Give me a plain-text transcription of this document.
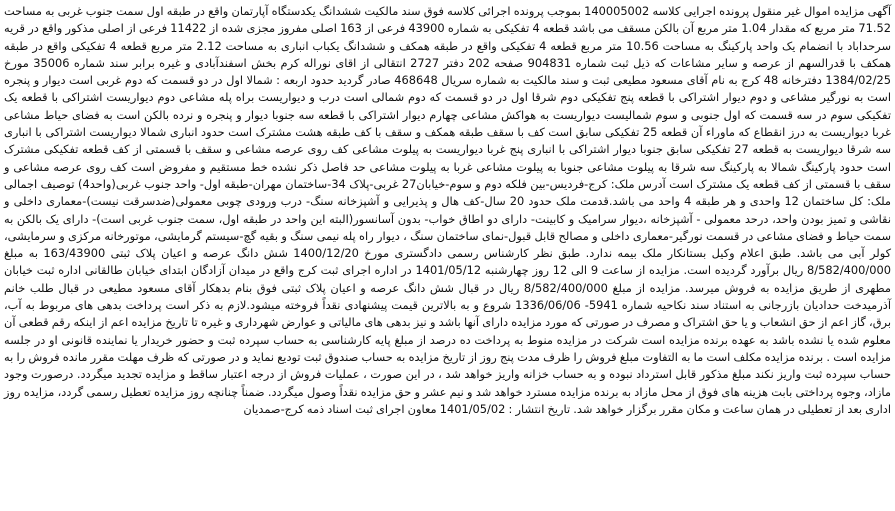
آگهی مزایده اموال غیر منقول پرونده اجرایی کلاسه 140005002 بموجب پرونده اجرائی کلاسه فوق سند مالکیت ششدانگ یکدستگاه آپارتمان واقع در طبقه اول سمت جنوب غربی به مساحت 71.52 متر مربع که مقدار 1.04 متر مربع آن بالکن مسقف می باشد قطعه 4 تفکیکی به شماره 43900 فرعی از 163 اصلی مفروز مجزی شده از 11422 فرعی از اصلی مذکور واقع در قریه سرحداباد با انضمام یک واحد پارکینگ به مساحت 10.56 متر مربع قطعه 4 تفکیکی واقع در طبقه همکف و ششدانگ یکباب انباری به مساحت 2.12 متر مربع قطعه 4 تفکیکی واقع در طبقه همکف با قدرالسهم از عرصه و سایر مشاعات که ذیل ثبت شماره 904831 صفحه 202 دفتر 2727 انتقالی از اقای نوراله کرم بخش اسفندآبادی و غیره برابر سند شماره 35006 مورخ 1384/02/25 دفترخانه 48 کرج به نام آقای مسعود مطیعی ثبت و سند مالکیت به شماره سریال 468648 صادر گردید حدود اربعه : شمالا اول در دو قسمت که دوم غربی است دیوار و پنجره است به نورگیر مشاعی و دوم دیوار اشتراکی با قطعه پنج تفکیکی دوم شرقا اول در دو قسمت که دوم شمالی است درب و دیواریست براه پله مشاعی دوم دیواریست اشتراکی با قطعه یک تفکیکی سوم در سه قسمت که اول جنوبی و سوم شمالیست دیواریست به هواکش مشاعی چهارم دیوار اشتراکی با قطعه سه جنوبا دیوار و پنجره و نرده بالکن است به فضای حیاط مشاعی غربا دیواریست به درز انقطاع که ماوراء آن قطعه 25 تفکیکی سابق است کف با سقف طبقه همکف و سقف با کف طبقه هشت مشترک است حدود انباری شمالا دیواریست اشتراکی با انباری سه شرقا دیواریست به قطعه 27 تفکیکی سابق جنوبا دیوار اشتراکی با انباری پنج غربا دیواریست به پیلوت مشاعی کف روی عرصه مشاعی و سقف با قسمتی از کف قطعه تفکیکی مشترک است حدود پارکینگ شمالا به پارکینگ سه شرقا به پیلوت مشاعی جنوبا به پیلوت مشاعی غربا به پیلوت مشاعی حد فاصل ذکر نشده خط مستقیم و مفروض است کف روی عرصه مشاعی و سقف با قسمتی از کف قطعه یک مشترک است آدرس ملک: کرج-فردیس-بین فلکه دوم و سوم-خیابان27 غربی-پلاک 34-ساختمان مهران-طبقه اول- واحد جنوب غربی(واحد4) توصیف اجمالی ملک: کل ساختمان 12 واحدی و هر طبقه 4 واحد می باشد.قدمت ملک حدود 20 سال-کف هال و پذیرایی و آشپزخانه سنگ- درب ورودی چوبی معمولی(ضدسرقت نیست)-معماری داخلی و نقاشی و تمیز بودن واحد، درحد معمولی - آشپزخانه ،دیوار سرامیک و کابینت- دارای دو اطاق خواب- بدون آسانسور(البته این واحد در طبقه اول، سمت جنوب غربی است)- دارای یک بالکن به سمت حیاط و فضای مشاعی در قسمت نورگیر-معماری داخلی و مصالح قابل قبول-نمای ساختمان سنگ ، دیوار راه پله نیمی سنگ و بقیه گچ-سیستم گرمایشی، موتورخانه مرکزی و سرمایشی، کولر آبی می باشد. طبق اعلام وکیل بستانکار ملک بیمه ندارد. طبق نظر کارشناس رسمی دادگستری مورخ 1400/12/20 شش دانگ عرصه و اعیان پلاک ثبتی 163/43900 به مبلغ 8/582/400/000 ریال برآورد گردیده است. مزایده از ساعت 9 الی 12 روز چهارشنبه 1401/05/12 در اداره اجرای ثبت کرج واقع در میدان آزادگان ابتدای خیابان طالقانی اداره ثبت خیابان مطهری از طریق مزایده به فروش میرسد. مزایده از مبلغ 8/582/400/000 ریال در قبال شش دانگ عرصه و اعیان پلاک ثبتی فوق بنام بدهکار آقای مسعود مطیعی در قبال طلب خانم آذرمیدخت حدادیان بازرجانی به استناد سند نکاحیه شماره 5941- 1336/06/06 شروع و به بالاترین قیمت پیشنهادی نقداً فروخته میشود.لازم به ذکر است پرداخت بدهی های مربوط به آب، برق، گاز اعم از حق انشعاب و یا حق اشتراک و مصرف در صورتی که مورد مزایده دارای آنها باشد و نیز بدهی های مالیاتی و عوارض شهرداری و غیره تا تاریخ مزایده اعم از اینکه رقم قطعی آن معلوم شده یا نشده باشد به عهده برنده مزایده است شرکت در مزایده منوط به پرداخت ده درصد از مبلغ پایه کارشناسی به حساب سپرده ثبت و حضور خریدار یا نماینده قانونی او در جلسه مزایده است . برنده مزایده مکلف است ما به التفاوت مبلغ فروش را ظرف مدت پنج روز از تاریخ مزایده به حساب صندوق ثبت تودیع نماید و در صورتی که ظرف مهلت مقرر مانده فروش را به حساب سپرده ثبت واریز نکند مبلغ مذکور قابل استرداد نبوده و به حساب خزانه واریز خواهد شد ، در این صورت ، عملیات فروش از درجه اعتبار ساقط و مزایده تجدید میگردد. درصورت وجود مازاد، وجوه پرداختی بابت هزینه های فوق از محل مازاد به برنده مزایده مسترد خواهد شد و نیم عشر و حق مزایده نقداً وصول میگردد. ضمناً چنانچه روز مزایده تعطیل رسمی گردد، مزایده روز اداری بعد از تعطیلی در همان ساعت و مکان مقرر برگزار خواهد شد. تاریخ انتشار : 1401/05/02 معاون اجرای ثبت اسناد ذمه کرج-صمدیان
